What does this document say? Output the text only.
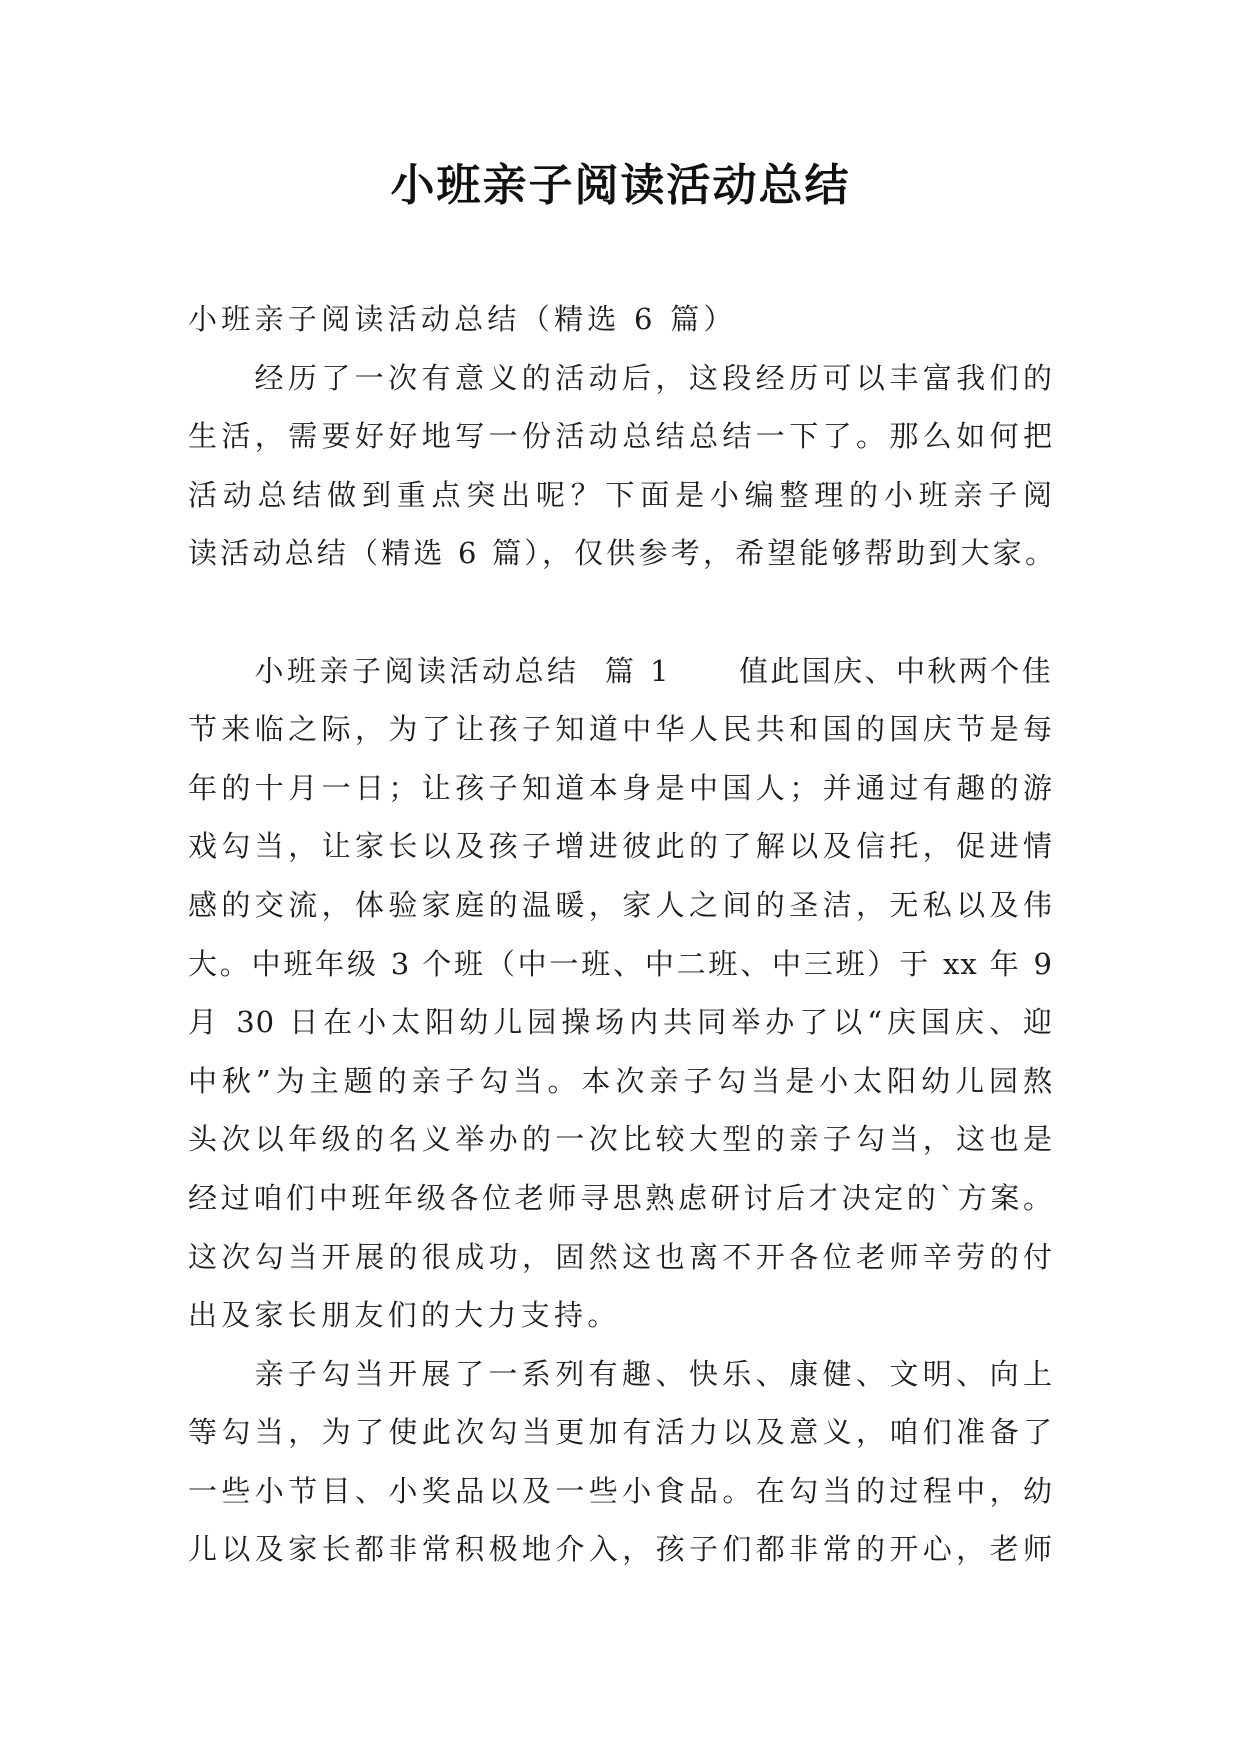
小班亲子阅读活动总结
小班亲子阅读活动总结（精选 6 篇）
经历了一次有意义的活动后，这段经历可以丰富我们的
生活，需要好好地写一份活动总结总结一下了。那么如何把
活动总结做到重点突出呢？下面是小编整理的小班亲子阅
读活动总结（精选 6 篇），仅供参考，希望能够帮助到大家。
小班亲子阅读活动总结  篇 1 值此国庆、中秋两个佳
节来临之际，为了让孩子知道中华人民共和国的国庆节是每
年的十月一日；让孩子知道本身是中国人；并通过有趣的游
戏勾当，让家长以及孩子增进彼此的了解以及信托，促进情
感的交流，体验家庭的温暖，家人之间的圣洁，无私以及伟
大。中班年级 3 个班（中一班、中二班、中三班）于 xx 年 9
月 30 日在小太阳幼儿园操场内共同举办了以“庆国庆、迎
中秋”为主题的亲子勾当。本次亲子勾当是小太阳幼儿园熬
头次以年级的名义举办的一次比较大型的亲子勾当，这也是
经过咱们中班年级各位老师寻思熟虑研讨后才决定的`方案。
这次勾当开展的很成功，固然这也离不开各位老师辛劳的付
出及家长朋友们的大力支持。
亲子勾当开展了一系列有趣、快乐、康健、文明、向上
等勾当，为了使此次勾当更加有活力以及意义，咱们准备了
一些小节目、小奖品以及一些小食品。在勾当的过程中，幼
儿以及家长都非常积极地介入，孩子们都非常的开心，老师
